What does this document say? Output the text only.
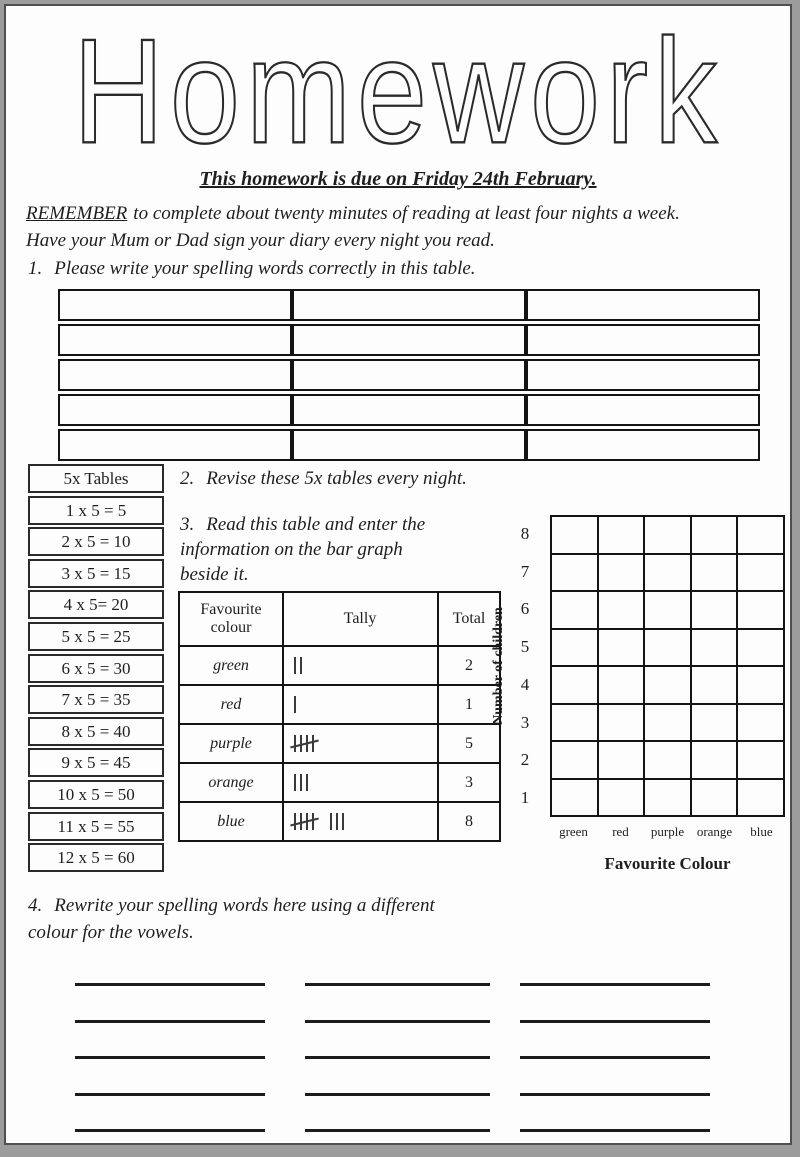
Homework
This homework is due on Friday 24th February.
REMEMBER to complete about twenty minutes of reading at least four nights a week.
Have your Mum or Dad sign your diary every night you read.
1. Please write your spelling words correctly in this table.

5x Tables
1 x 5 = 5
2 x 5 = 10
3 x 5 = 15
4 x 5= 20
5 x 5 = 25
6 x 5 = 30
7 x 5 = 35
8 x 5 = 40
9 x 5 = 45
10 x 5 = 50
11 x 5 = 55
12 x 5 = 60
2. Revise these 5x tables every night.
3. Read this table and enter the
information on the bar graph
beside it.
Favourite colour	Tally	Total
green		2
red		1
purple		5
orange		3
blue		8
Number of children
8
7
6
5
4
3
2
1
green	red	purple orange	blue
Favourite Colour
4. Rewrite your spelling words here using a different
colour for the vowels.
